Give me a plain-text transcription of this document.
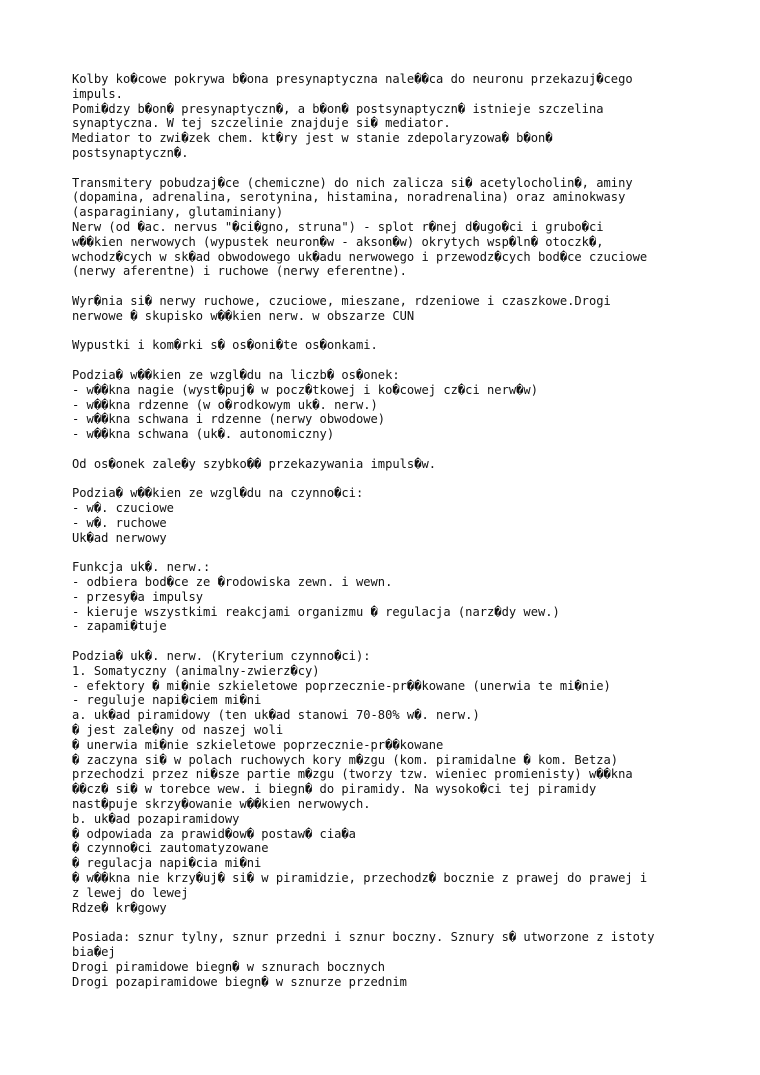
Kolby ko�cowe pokrywa b�ona presynaptyczna nale��ca do neuronu przekazuj�cego
impuls.
Pomi�dzy b�on� presynaptyczn�, a b�on� postsynaptyczn� istnieje szczelina
synaptyczna. W tej szczelinie znajduje si� mediator.
Mediator to zwi�zek chem. kt�ry jest w stanie zdepolaryzowa� b�on�
postsynaptyczn�.
Transmitery pobudzaj�ce (chemiczne) do nich zalicza si� acetylocholin�, aminy
(dopamina, adrenalina, serotynina, histamina, noradrenalina) oraz aminokwasy
(asparaginiany, glutaminiany)
Nerw (od �ac. nervus "�ci�gno, struna") - splot r�nej d�ugo�ci i grubo�ci
w��kien nerwowych (wypustek neuron�w - akson�w) okrytych wsp�ln� otoczk�,
wchodz�cych w sk�ad obwodowego uk�adu nerwowego i przewodz�cych bod�ce czuciowe
(nerwy aferentne) i ruchowe (nerwy eferentne).
Wyr�nia si� nerwy ruchowe, czuciowe, mieszane, rdzeniowe i czaszkowe.Drogi
nerwowe � skupisko w��kien nerw. w obszarze CUN
Wypustki i kom�rki s� os�oni�te os�onkami.
Podzia� w��kien ze wzgl�du na liczb� os�onek:
- w��kna nagie (wyst�puj� w pocz�tkowej i ko�cowej cz�ci nerw�w)
- w��kna rdzenne (w o�rodkowym uk�. nerw.)
- w��kna schwana i rdzenne (nerwy obwodowe)
- w��kna schwana (uk�. autonomiczny)
Od os�onek zale�y szybko�� przekazywania impuls�w.
Podzia� w��kien ze wzgl�du na czynno�ci:
- w�. czuciowe
- w�. ruchowe
Uk�ad nerwowy
Funkcja uk�. nerw.:
- odbiera bod�ce ze �rodowiska zewn. i wewn.
- przesy�a impulsy
- kieruje wszystkimi reakcjami organizmu � regulacja (narz�dy wew.)
- zapami�tuje
Podzia� uk�. nerw. (Kryterium czynno�ci):
1. Somatyczny (animalny-zwierz�cy)
- efektory � mi�nie szkieletowe poprzecznie-pr��kowane (unerwia te mi�nie)
- reguluje napi�ciem mi�ni
a. uk�ad piramidowy (ten uk�ad stanowi 70-80% w�. nerw.)
� jest zale�ny od naszej woli
� unerwia mi�nie szkieletowe poprzecznie-pr��kowane
� zaczyna si� w polach ruchowych kory m�zgu (kom. piramidalne � kom. Betza)
przechodzi przez ni�sze partie m�zgu (tworzy tzw. wieniec promienisty) w��kna
��cz� si� w torebce wew. i biegn� do piramidy. Na wysoko�ci tej piramidy
nast�puje skrzy�owanie w��kien nerwowych.
b. uk�ad pozapiramidowy
� odpowiada za prawid�ow� postaw� cia�a
� czynno�ci zautomatyzowane
� regulacja napi�cia mi�ni
� w��kna nie krzy�uj� si� w piramidzie, przechodz� bocznie z prawej do prawej i
z lewej do lewej
Rdze� kr�gowy
Posiada: sznur tylny, sznur przedni i sznur boczny. Sznury s� utworzone z istoty
bia�ej
Drogi piramidowe biegn� w sznurach bocznych
Drogi pozapiramidowe biegn� w sznurze przednim
